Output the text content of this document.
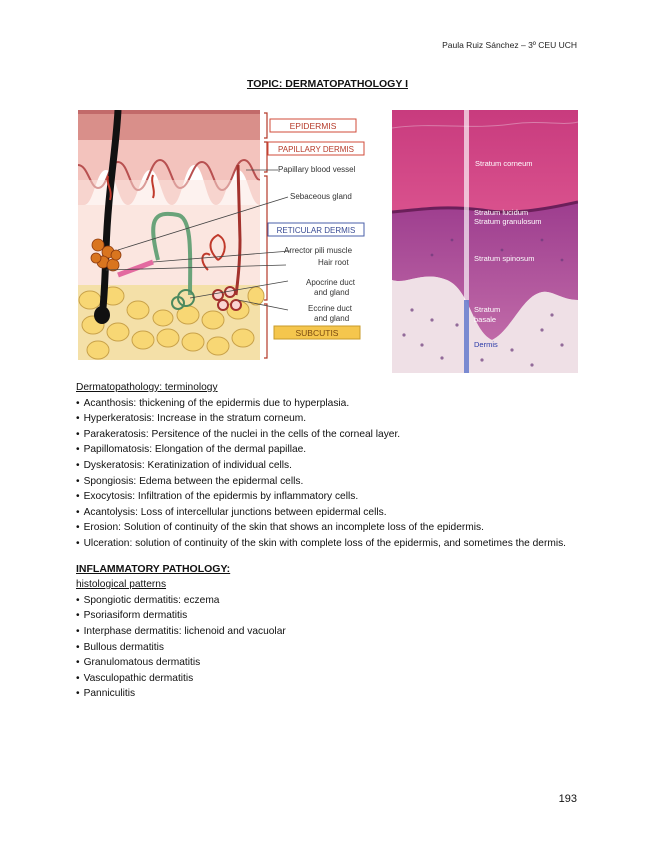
Paula Ruiz Sánchez – 3º CEU UCH
TOPIC: DERMATOPATHOLOGY I
EPIDERMIS
PAPILLARY DERMIS
Papillary blood vessel
Sebaceous gland
RETICULAR DERMIS
Arrector pili muscle
Hair root
Apocrine duct
and gland
Eccrine duct
and gland
SUBCUTIS
Stratum corneum
Stratum lucidum
Stratum granulosum
Stratum spinosum
Stratum
basale
Dermis
Dermatopathology: terminology
• Acanthosis: thickening of the epidermis due to hyperplasia.
• Hyperkeratosis: Increase in the stratum corneum.
• Parakeratosis: Persitence of the nuclei in the cells of the corneal layer.
• Papillomatosis: Elongation of the dermal papillae.
• Dyskeratosis: Keratinization of individual cells.
• Spongiosis: Edema between the epidermal cells.
• Exocytosis: Infiltration of the epidermis by inflammatory cells.
• Acantolysis: Loss of intercellular junctions between epidermal cells.
• Erosion: Solution of continuity of the skin that shows an incomplete loss of the epidermis.
• Ulceration: solution of continuity of the skin with complete loss of the epidermis, and sometimes the dermis.
INFLAMMATORY PATHOLOGY:
histological patterns
• Spongiotic dermatitis: eczema
• Psoriasiform dermatitis
• Interphase dermatitis: lichenoid and vacuolar
• Bullous dermatitis
• Granulomatous dermatitis
• Vasculopathic dermatitis
• Panniculitis
193
